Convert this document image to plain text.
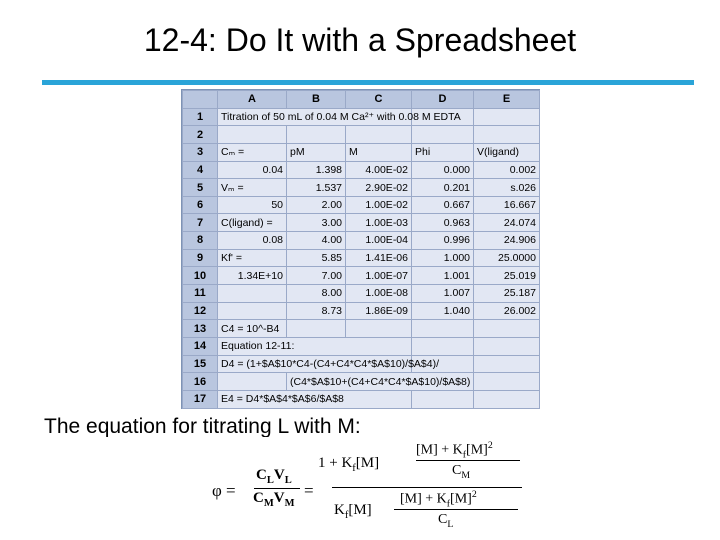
12-4: Do It with a Spreadsheet
	A	B	C	D	E
1	Titration of 50 mL of 0.04 M Ca²⁺ with 0.08 M EDTA				
2					
3	Cₘ =	pM	M	Phi	V(ligand)
4	0.04	1.398	4.00E-02	0.000	0.002
5	Vₘ =	1.537	2.90E-02	0.201	s.026
6	50	2.00	1.00E-02	0.667	16.667
7	C(ligand) =	3.00	1.00E-03	0.963	24.074
8	0.08	4.00	1.00E-04	0.996	24.906
9	Kf' =	5.85	1.41E-06	1.000	25.0000
10	1.34E+10	7.00	1.00E-07	1.001	25.019
11		8.00	1.00E-08	1.007	25.187
12		8.73	1.86E-09	1.040	26.002
13	C4 = 10^-B4				
14	Equation 12-11:				
15	D4 = (1+$A$10*C4-(C4+C4*C4*$A$10)/$A$4)/				
16		(C4*$A$10+(C4+C4*C4*$A$10)/$A$8)			
17	E4 = D4*$A$4*$A$6/$A$8				
The equation for titrating L with M:
φ =
$C_LV_L$
$C_MV_M$
=
$1 + K_f[M]$
$K_f[M]$
$[M] + K_f[M]^2$
$C_M$
$[M] + K_f[M]^2$
$C_L$
